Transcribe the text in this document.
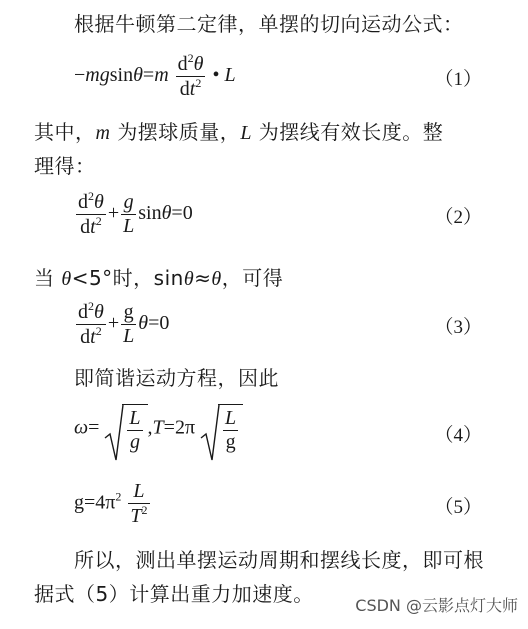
根据牛顿第二定律，单摆的切向运动公式：
$-mgsin\theta=m \frac{d^2\theta}{dt^2}$ • L	（1）
其中，m 为摆球质量，L 为摆线有效长度。整
理得：
$\frac{d^2\theta}{dt^2} + \frac{g}{L} \sin\theta=0$	（2）
当 θ<5°时，sinθ≈θ，可得
$\frac{d^2\theta}{dt^2} + \frac{g}{L} \theta=0$	（3）
即简谐运动方程，因此
$\omega= \frac{L}{g} ,T=2\pi \frac{L}{g}$	（4）
$g=4\pi^2 \frac{L}{T^2}$	（5）
所以，测出单摆运动周期和摆线长度，即可根
据式（5）计算出重力加速度。	CSDN @云影点灯大师
